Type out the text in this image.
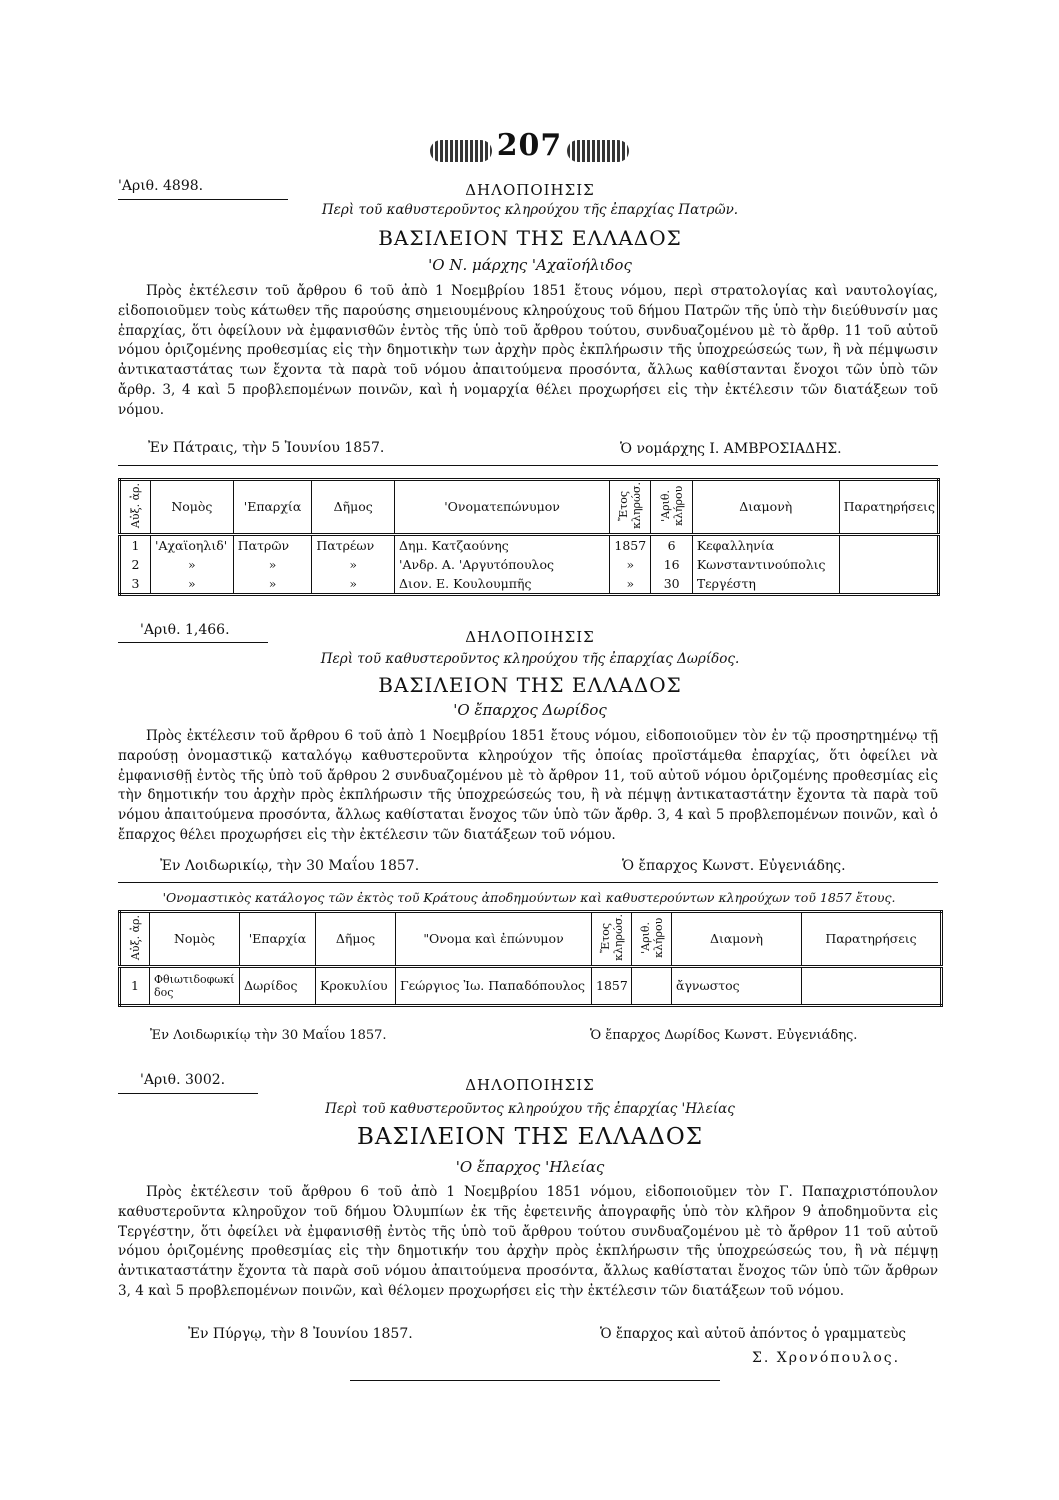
207
'Αριθ. 4898.	ΔΗΛΟΠΟΙΗΣΙΣ
Περὶ τοῦ καθυστεροῦντος κληρούχου τῆς ἐπαρχίας Πατρῶν.
ΒΑΣΙΛΕΙΟΝ ΤΗΣ ΕΛΛΑΔΟΣ
'Ο Ν. μάρχης 'Αχαϊοήλιδος
Πρὸς ἐκτέλεσιν τοῦ ἄρθρου 6 τοῦ ἀπὸ 1 Νοεμβρίου 1851 ἔτους νόμου, περὶ στρατολογίας καὶ ναυτολογίας, εἰδοποιοῦμεν τοὺς κάτωθεν τῆς παρούσης σημειουμένους κληρούχους τοῦ δήμου Πατρῶν τῆς ὑπὸ τὴν διεύθυνσίν μας ἐπαρχίας, ὅτι ὀφείλουν νὰ ἐμφανισθῶν ἐντὸς τῆς ὑπὸ τοῦ ἄρθρου τούτου, συνδυαζομένου μὲ τὸ ἄρθρ. 11 τοῦ αὐτοῦ νόμου ὁριζομένης προθεσμίας εἰς τὴν δημοτικὴν των ἀρχὴν πρὸς ἐκπλήρωσιν τῆς ὑποχρεώσεώς των, ἢ νὰ πέμψωσιν ἀντικαταστάτας των ἔχοντα τὰ παρὰ τοῦ νόμου ἀπαιτούμενα προσόντα, ἄλλως καθίστανται ἔνοχοι τῶν ὑπὸ τῶν ἄρθρ. 3, 4 καὶ 5 προβλεπομένων ποινῶν, καὶ ἡ νομαρχία θέλει προχωρήσει εἰς τὴν ἐκτέλεσιν τῶν διατάξεων τοῦ νόμου.
Ἐν Πάτραις, τὴν 5 Ἰουνίου 1857.	Ὁ νομάρχης Ι. ΑΜΒΡΟΣΙΑΔΗΣ.
Αὐξ. ἀρ.	Νομὸς	'Επαρχία	Δῆμος	'Ονοματεπώνυμον	Ἔτος κληρώσ.	'Αριθ. κλήρου	Διαμονὴ	Παρατηρήσεις
1	'Αχαϊοηλιδ'	Πατρῶν	Πατρέων	Δημ. Κατζαούνης	1857	6	Κεφαλληνία	
2	»	»	»	'Ανδρ. Α. 'Αργυτόπουλος	»	16	Κωνσταντινούπολις	
3	»	»	»	Διον. Ε. Κουλουμπῆς	»	30	Τεργέστη	
'Αριθ. 1,466.	ΔΗΛΟΠΟΙΗΣΙΣ
Περὶ τοῦ καθυστεροῦντος κληρούχου τῆς ἐπαρχίας Δωρίδος.
ΒΑΣΙΛΕΙΟΝ ΤΗΣ ΕΛΛΑΔΟΣ
'Ο ἔπαρχος Δωρίδος
Πρὸς ἐκτέλεσιν τοῦ ἄρθρου 6 τοῦ ἀπὸ 1 Νοεμβρίου 1851 ἔτους νόμου, εἰδοποιοῦμεν τὸν ἐν τῷ προσηρτημένῳ τῇ παρούσῃ ὀνομαστικῷ καταλόγῳ καθυστεροῦντα κληρούχον τῆς ὁποίας προϊστάμεθα ἐπαρχίας, ὅτι ὀφείλει νὰ ἐμφανισθῇ ἐντὸς τῆς ὑπὸ τοῦ ἄρθρου 2 συνδυαζομένου μὲ τὸ ἄρθρον 11, τοῦ αὐτοῦ νόμου ὁριζομένης προθεσμίας εἰς τὴν δημοτικήν του ἀρχὴν πρὸς ἐκπλήρωσιν τῆς ὑποχρεώσεώς του, ἢ νὰ πέμψῃ ἀντικαταστάτην ἔχοντα τὰ παρὰ τοῦ νόμου ἀπαιτούμενα προσόντα, ἄλλως καθίσταται ἔνοχος τῶν ὑπὸ τῶν ἄρθρ. 3, 4 καὶ 5 προβλεπομένων ποινῶν, καὶ ὁ ἔπαρχος θέλει προχωρήσει εἰς τὴν ἐκτέλεσιν τῶν διατάξεων τοῦ νόμου.
Ἐν Λοιδωρικίῳ, τὴν 30 Μαΐου 1857.	Ὁ ἔπαρχος Κωνστ. Εὐγενιάδης.
'Ονομαστικὸς κατάλογος τῶν ἐκτὸς τοῦ Κράτους ἀποδημούντων καὶ καθυστερούντων κληρούχων τοῦ 1857 ἔτους.
Αὐξ. ἀρ.	Νομὸς	'Επαρχία	Δῆμος	"Ονομα καὶ ἐπώνυμον	Ἔτος κληρώσ.	'Αριθ. κλήρου	Διαμονὴ	Παρατηρήσεις
1	Φθιωτιδοφωκίδος	Δωρίδος	Κροκυλίου	Γεώργιος Ἰω. Παπαδόπουλος	1857		ἄγνωστος	
Ἐν Λοιδωρικίῳ τὴν 30 Μαΐου 1857.	Ὁ ἔπαρχος Δωρίδος Κωνστ. Εὐγενιάδης.
'Αριθ. 3002.	ΔΗΛΟΠΟΙΗΣΙΣ
Περὶ τοῦ καθυστεροῦντος κληρούχου τῆς ἐπαρχίας 'Ηλείας
ΒΑΣΙΛΕΙΟΝ ΤΗΣ ΕΛΛΑΔΟΣ
'Ο ἔπαρχος 'Ηλείας
Πρὸς ἐκτέλεσιν τοῦ ἄρθρου 6 τοῦ ἀπὸ 1 Νοεμβρίου 1851 νόμου, εἰδοποιοῦμεν τὸν Γ. Παπαχριστόπουλον καθυστεροῦντα κληροῦχον τοῦ δήμου Ὀλυμπίων ἐκ τῆς ἐφετεινῆς ἀπογραφῆς ὑπὸ τὸν κλῆρον 9 ἀποδημοῦντα εἰς Τεργέστην, ὅτι ὀφείλει νὰ ἐμφανισθῇ ἐντὸς τῆς ὑπὸ τοῦ ἄρθρου τούτου συνδυαζομένου μὲ τὸ ἄρθρον 11 τοῦ αὐτοῦ νόμου ὁριζομένης προθεσμίας εἰς τὴν δημοτικήν του ἀρχὴν πρὸς ἐκπλήρωσιν τῆς ὑποχρεώσεώς του, ἢ νὰ πέμψῃ ἀντικαταστάτην ἔχοντα τὰ παρὰ σοῦ νόμου ἀπαιτούμενα προσόντα, ἄλλως καθίσταται ἔνοχος τῶν ὑπὸ τῶν ἄρθρων 3, 4 καὶ 5 προβλεπομένων ποινῶν, καὶ θέλομεν προχωρήσει εἰς τὴν ἐκτέλεσιν τῶν διατάξεων τοῦ νόμου.
Ἐν Πύργῳ, τὴν 8 Ἰουνίου 1857.	Ὁ ἔπαρχος καὶ αὐτοῦ ἀπόντος ὁ γραμματεὺς
Σ. Χρονόπουλος.
